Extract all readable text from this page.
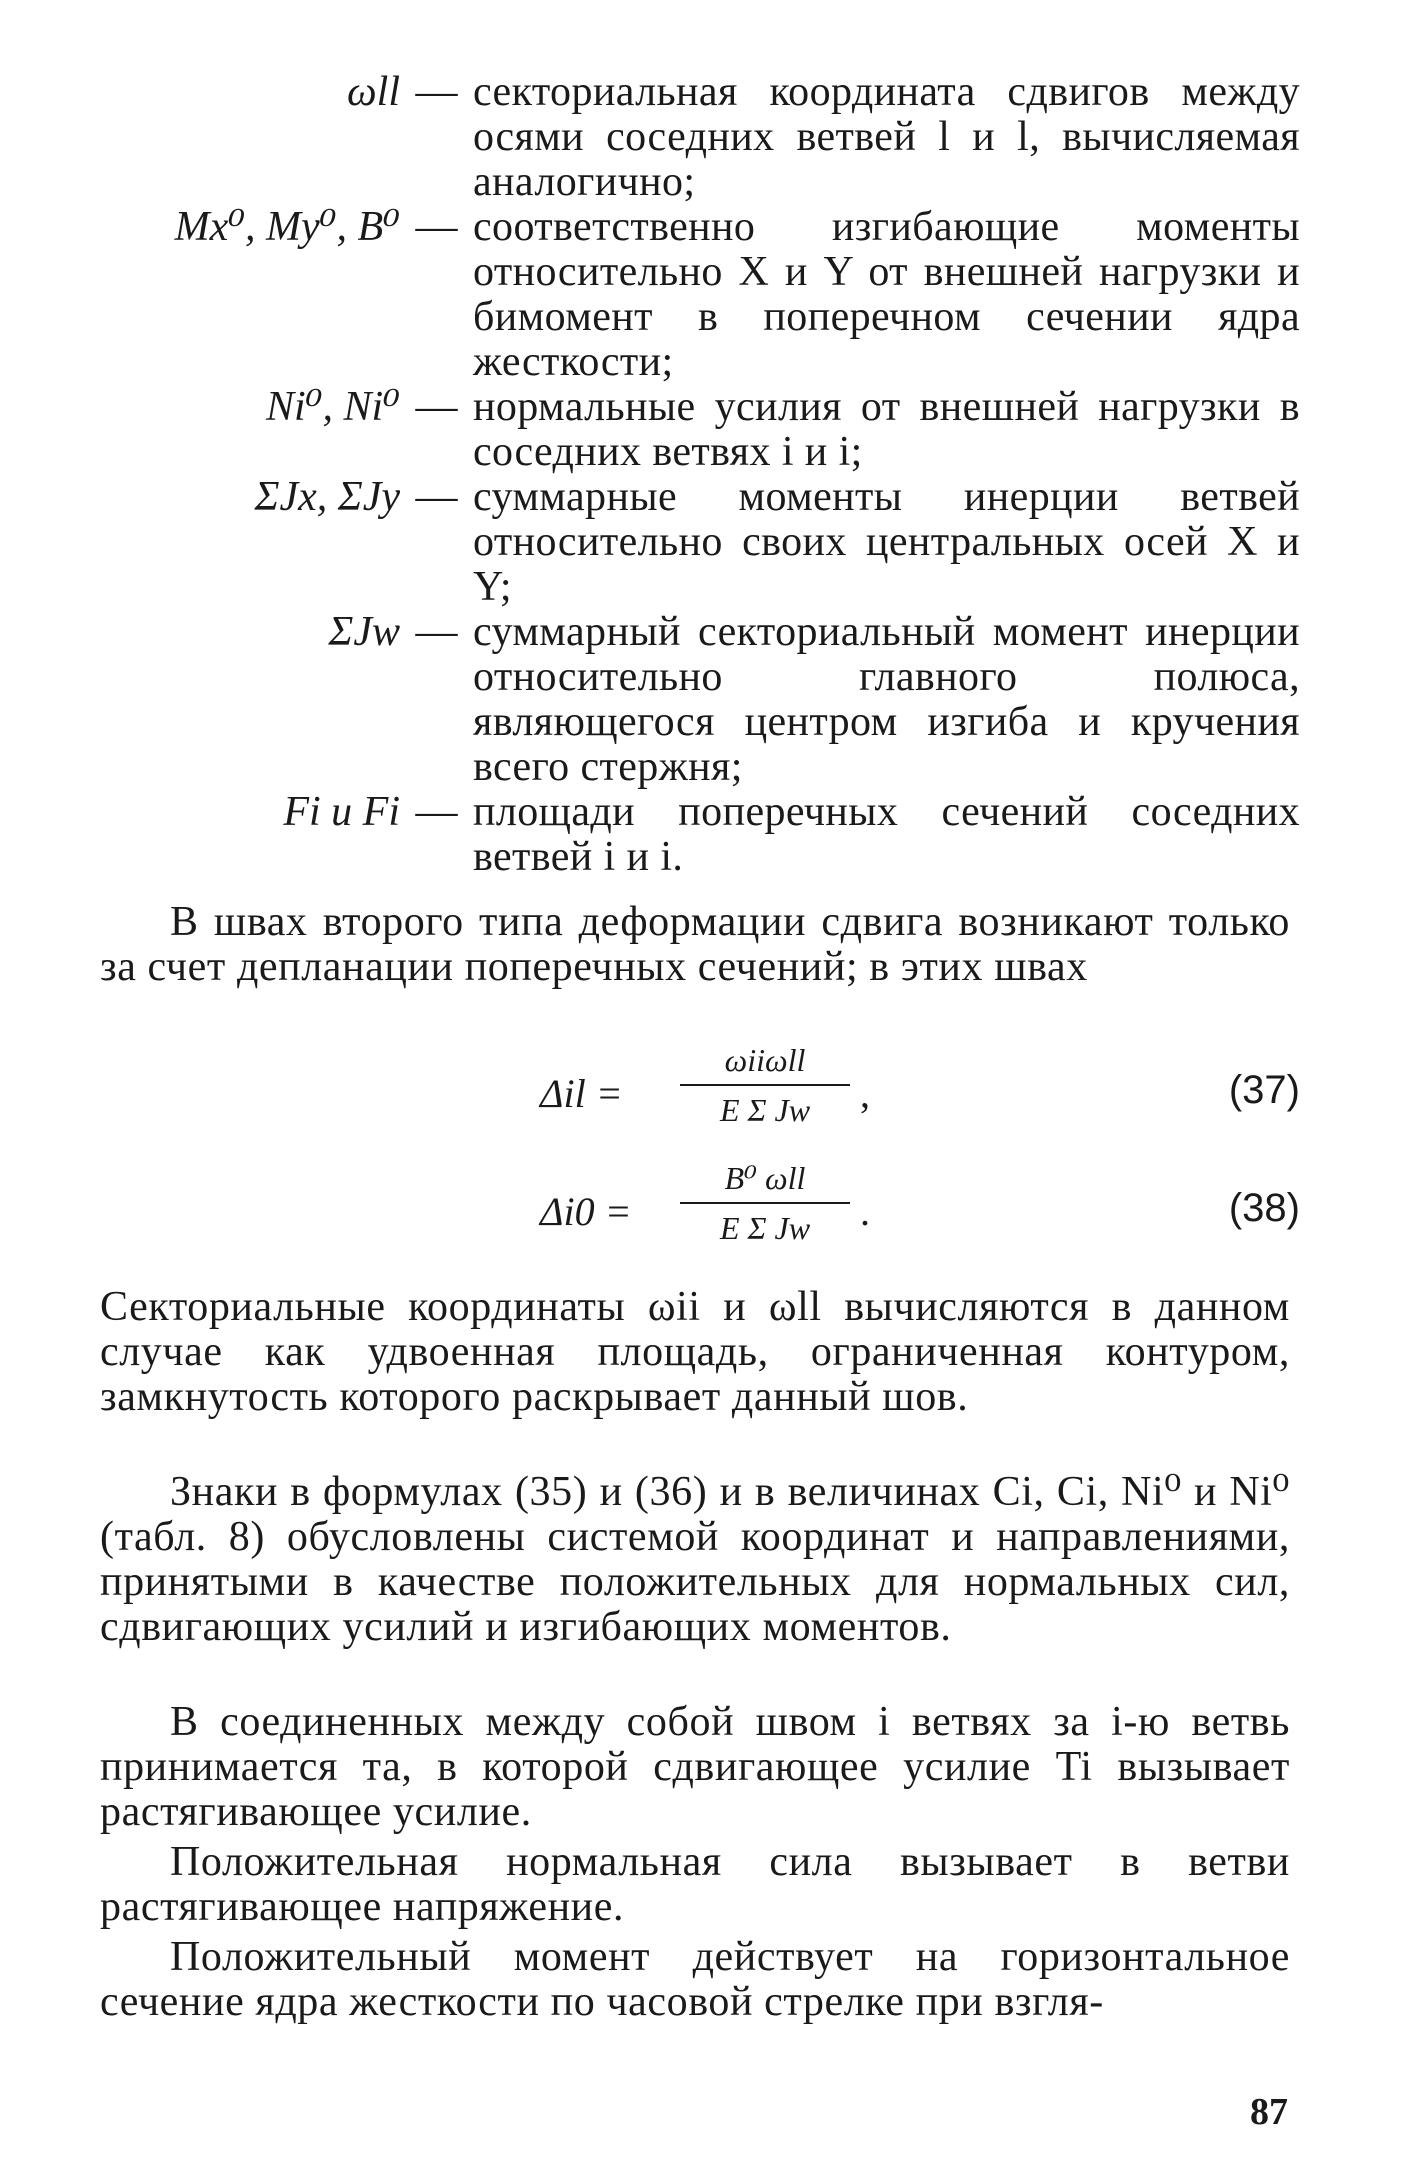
ωll — секториальная координата сдвигов между осями соседних ветвей l и l, вычисляемая аналогично;
Mx⁰, My⁰, B⁰ — соответственно изгибающие моменты относительно X и Y от внешней нагрузки и бимомент в поперечном сечении ядра жесткости;
Ni⁰, Ni⁰ — нормальные усилия от внешней нагрузки в соседних ветвях i и i;
ΣJx, ΣJy — суммарные моменты инерции ветвей относительно своих центральных осей X и Y;
ΣJw — суммарный секториальный момент инерции относительно главного полюса, являющегося центром изгиба и кручения всего стержня;
Fi и Fi — площади поперечных сечений соседних ветвей i и i.

В швах второго типа деформации сдвига возникают только за счет депланации поперечных сечений; в этих швах

Δil =
ωiiωll
E Σ Jw	,	(37)
Δi0 =
B⁰ ωll
E Σ Jw	.	(38)

Секториальные координаты ωii и ωll вычисляются в данном случае как удвоенная площадь, ограниченная контуром, замкнутость которого раскрывает данный шов.

Знаки в формулах (35) и (36) и в величинах Ci, Ci, Ni⁰ и Ni⁰ (табл. 8) обусловлены системой координат и направлениями, принятыми в качестве положительных для нормальных сил, сдвигающих усилий и изгибающих моментов.

В соединенных между собой швом i ветвях за i-ю ветвь принимается та, в которой сдвигающее усилие Ti вызывает растягивающее усилие.

Положительная нормальная сила вызывает в ветви растягивающее напряжение.

Положительный момент действует на горизонтальное сечение ядра жесткости по часовой стрелке при взгля-

87
